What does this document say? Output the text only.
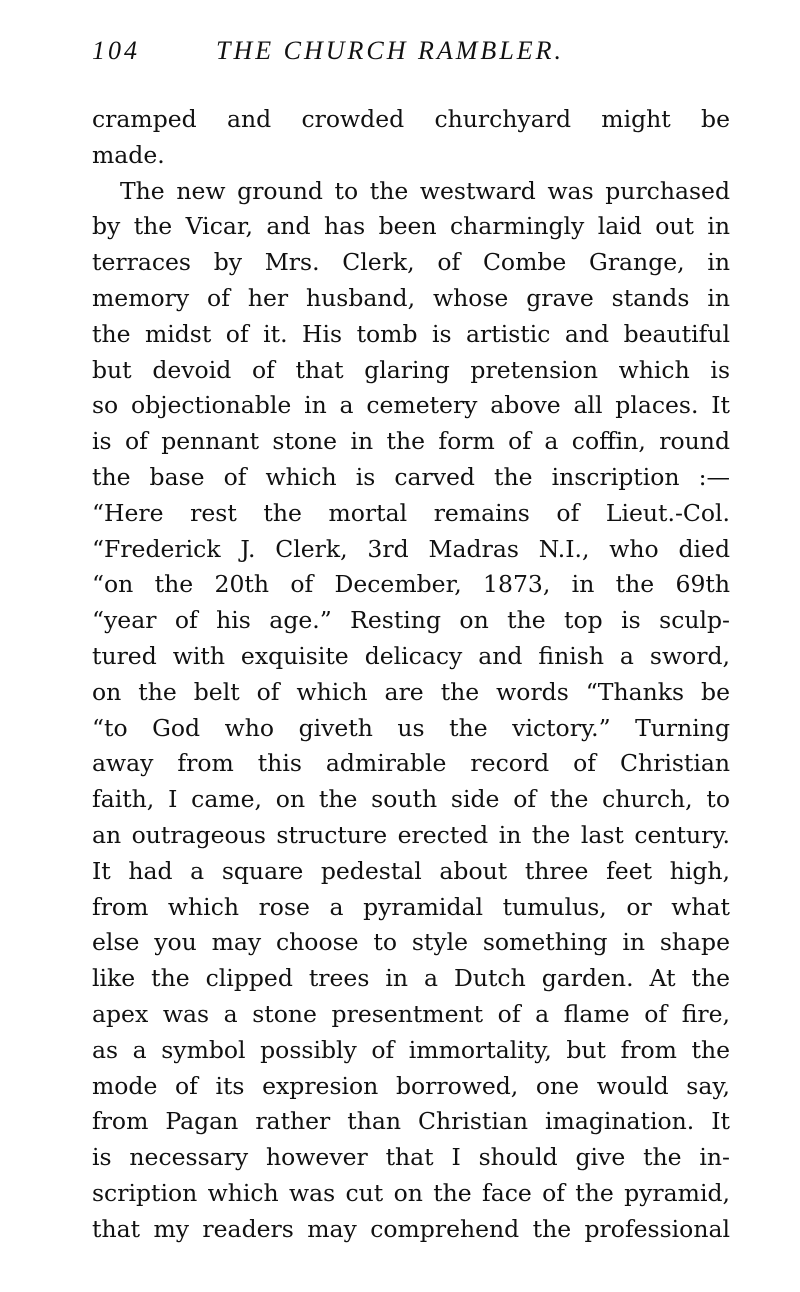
104	THE CHURCH RAMBLER.
cramped and crowded churchyard might be
made.
The new ground to the westward was purchased
by the Vicar, and has been charmingly laid out in
terraces by Mrs. Clerk, of Combe Grange, in
memory of her husband, whose grave stands in
the midst of it. His tomb is artistic and beautiful
but devoid of that glaring pretension which is
so objectionable in a cemetery above all places. It
is of pennant stone in the form of a coffin, round
the base of which is carved the inscription :—
“Here rest the mortal remains of Lieut.-Col.
“Frederick J. Clerk, 3rd Madras N.I., who died
“on the 20th of December, 1873, in the 69th
“year of his age.” Resting on the top is sculp-
tured with exquisite delicacy and finish a sword,
on the belt of which are the words “Thanks be
“to God who giveth us the victory.” Turning
away from this admirable record of Christian
faith, I came, on the south side of the church, to
an outrageous structure erected in the last century.
It had a square pedestal about three feet high,
from which rose a pyramidal tumulus, or what
else you may choose to style something in shape
like the clipped trees in a Dutch garden. At the
apex was a stone presentment of a flame of fire,
as a symbol possibly of immortality, but from the
mode of its expresion borrowed, one would say,
from Pagan rather than Christian imagination. It
is necessary however that I should give the in-
scription which was cut on the face of the pyramid,
that my readers may comprehend the professional
